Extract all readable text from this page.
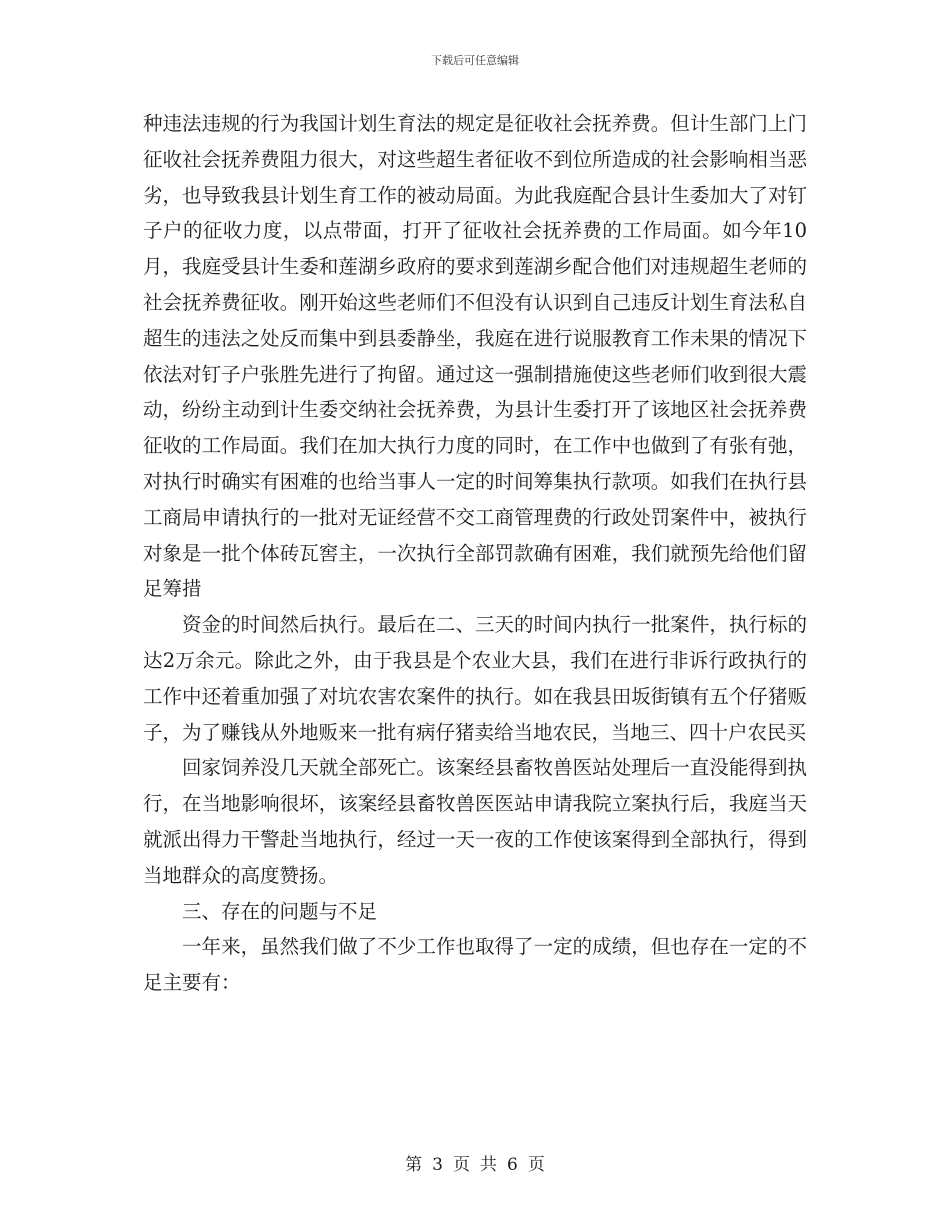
下载后可任意编辑

种违法违规的行为我国计划生育法的规定是征收社会抚养费。但计生部门上门征收社会抚养费阻力很大，对这些超生者征收不到位所造成的社会影响相当恶劣，也导致我县计划生育工作的被动局面。为此我庭配合县计生委加大了对钉子户的征收力度，以点带面，打开了征收社会抚养费的工作局面。如今年10月，我庭受县计生委和莲湖乡政府的要求到莲湖乡配合他们对违规超生老师的社会抚养费征收。刚开始这些老师们不但没有认识到自己违反计划生育法私自超生的违法之处反而集中到县委静坐，我庭在进行说服教育工作未果的情况下依法对钉子户张胜先进行了拘留。通过这一强制措施使这些老师们收到很大震动，纷纷主动到计生委交纳社会抚养费，为县计生委打开了该地区社会抚养费征收的工作局面。我们在加大执行力度的同时，在工作中也做到了有张有弛，对执行时确实有困难的也给当事人一定的时间筹集执行款项。如我们在执行县工商局申请执行的一批对无证经营不交工商管理费的行政处罚案件中，被执行对象是一批个体砖瓦窖主，一次执行全部罚款确有困难，我们就预先给他们留足筹措

资金的时间然后执行。最后在二、三天的时间内执行一批案件，执行标的达2万余元。除此之外，由于我县是个农业大县，我们在进行非诉行政执行的工作中还着重加强了对坑农害农案件的执行。如在我县田坂街镇有五个仔猪贩子，为了赚钱从外地贩来一批有病仔猪卖给当地农民，当地三、四十户农民买

回家饲养没几天就全部死亡。该案经县畜牧兽医站处理后一直没能得到执行，在当地影响很坏，该案经县畜牧兽医医站申请我院立案执行后，我庭当天就派出得力干警赴当地执行，经过一天一夜的工作使该案得到全部执行，得到当地群众的高度赞扬。

三、存在的问题与不足

一年来，虽然我们做了不少工作也取得了一定的成绩，但也存在一定的不足主要有：

第 3 页 共 6 页
